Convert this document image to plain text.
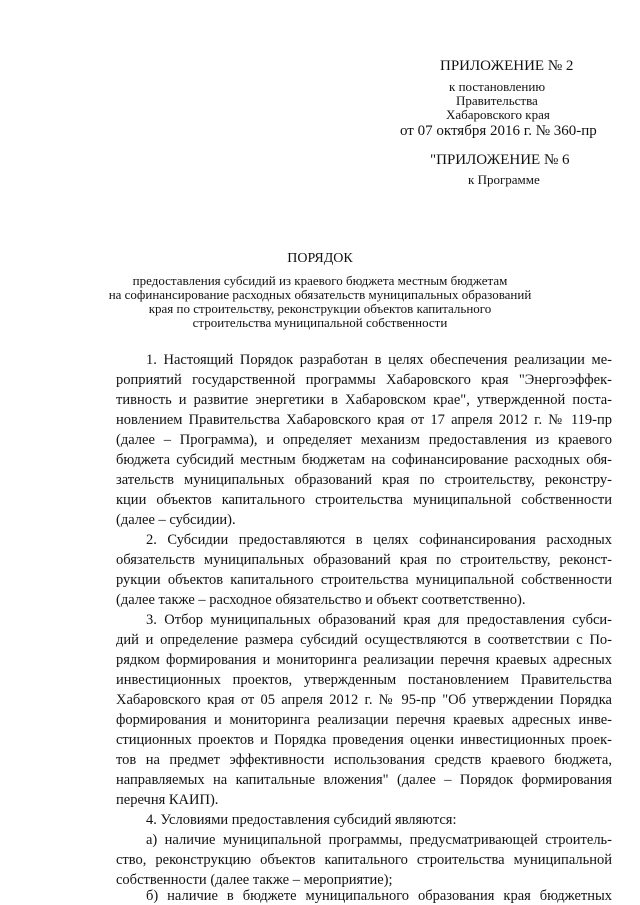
ПРИЛОЖЕНИЕ № 2
к постановлению
Правительства
Хабаровского края
от 07 октября 2016 г. № 360-пр
"ПРИЛОЖЕНИЕ № 6
к Программе
ПОРЯДОК
предоставления субсидий из краевого бюджета местным бюджетам
на софинансирование расходных обязательств муниципальных образований
края по строительству, реконструкции объектов капитального
строительства муниципальной собственности
1. Настоящий Порядок разработан в целях обеспечения реализации ме-
роприятий государственной программы Хабаровского края "Энергоэффек-
тивность и развитие энергетики в Хабаровском крае", утвержденной поста-
новлением Правительства Хабаровского края от 17 апреля 2012 г. № 119-пр
(далее – Программа), и определяет механизм предоставления из краевого
бюджета субсидий местным бюджетам на софинансирование расходных обя-
зательств муниципальных образований края по строительству, реконстру-
кции объектов капитального строительства муниципальной собственности
(далее – субсидии).
2. Субсидии предоставляются в целях софинансирования расходных
обязательств муниципальных образований края по строительству, реконст-
рукции объектов капитального строительства муниципальной собственности
(далее также – расходное обязательство и объект соответственно).
3. Отбор муниципальных образований края для предоставления субси-
дий и определение размера субсидий осуществляются в соответствии с По-
рядком формирования и мониторинга реализации перечня краевых адресных
инвестиционных проектов, утвержденным постановлением Правительства
Хабаровского края от 05 апреля 2012 г. № 95-пр "Об утверждении Порядка
формирования и мониторинга реализации перечня краевых адресных инве-
стиционных проектов и Порядка проведения оценки инвестиционных проек-
тов на предмет эффективности использования средств краевого бюджета,
направляемых на капитальные вложения" (далее – Порядок формирования
перечня КАИП).
4. Условиями предоставления субсидий являются:
а) наличие муниципальной программы, предусматривающей строитель-
ство, реконструкцию объектов капитального строительства муниципальной
собственности (далее также – мероприятие);
б) наличие в бюджете муниципального образования края бюджетных
